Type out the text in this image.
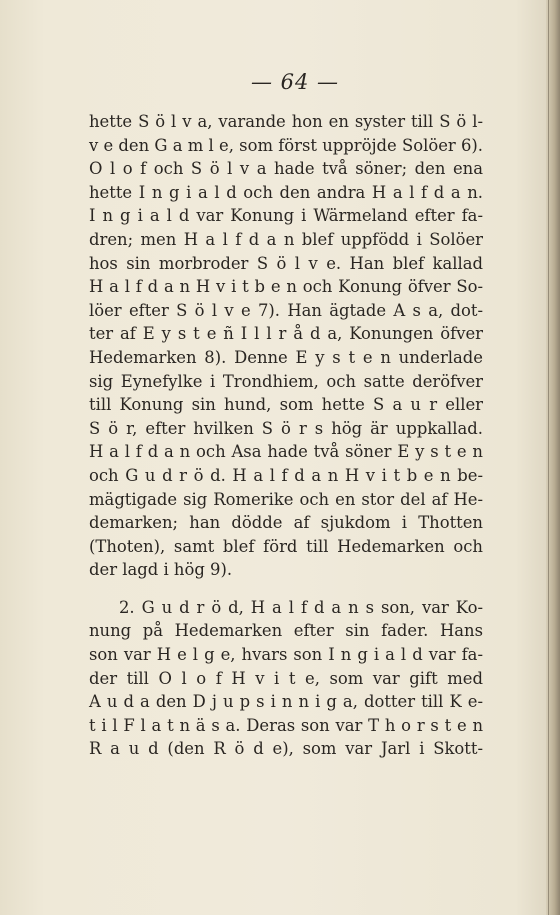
— 64 —
hette S ö l v a, varande hon en syster till S ö l-
v e den G a m l e, som först uppröjde Solöer 6).
O l o f och S ö l v a hade två söner; den ena
hette I n g i a l d och den andra H a l f d a n.
I n g i a l d var Konung i Wärmeland efter fa-
dren; men H a l f d a n blef uppfödd i Solöer
hos sin morbroder S ö l v e. Han blef kallad
H a l f d a n H v i t b e n och Konung öfver So-
löer efter S ö l v e 7). Han ägtade A s a, dot-
ter af E y s t e ñ I l l r å d a, Konungen öfver
Hedemarken 8). Denne E y s t e n underlade
sig Eynefylke i Trondhiem, och satte deröfver
till Konung sin hund, som hette S a u r eller
S ö r, efter hvilken S ö r s hög är uppkallad.
H a l f d a n och Asa hade två söner E y s t e n
och G u d r ö d. H a l f d a n H v i t b e n be-
mägtigade sig Romerike och en stor del af He-
demarken; han dödde af sjukdom i Thotten
(Thoten), samt blef förd till Hedemarken och
der lagd i hög 9).
2. G u d r ö d, H a l f d a n s son, var Ko-
nung på Hedemarken efter sin fader. Hans
son var H e l g e, hvars son I n g i a l d var fa-
der till O l o f H v i t e, som var gift med
A u d a den D j u p s i n n i g a, dotter till K e-
t i l F l a t n ä s a. Deras son var T h o r s t e n
R a u d (den R ö d e), som var Jarl i Skott-
